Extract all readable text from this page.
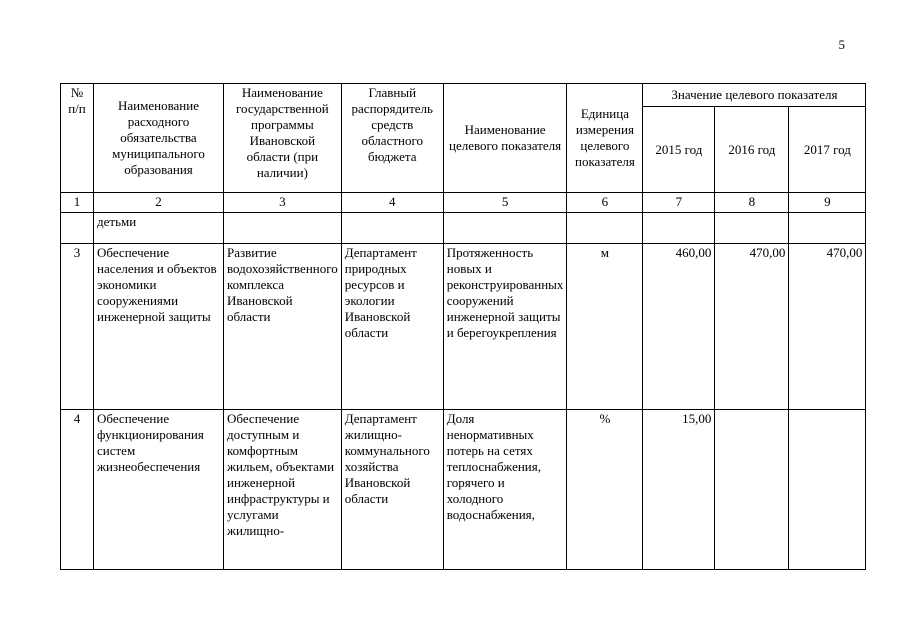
5
№ п/п	Наименование расходного обязательства муниципального образования	Наименование государственной программы Ивановской области (при наличии)	Главный распорядитель средств областного бюджета	Наименование целевого показателя	Единица измерения целевого показателя	Значение целевого показателя		
						2015 год	2016 год	2017 год
1	2	3	4	5	6	7	8	9
	детьми							
3	Обеспечение населения и объектов экономики сооружениями инженерной защиты	Развитие водохозяйственного комплекса Ивановской области	Департамент природных ресурсов и экологии Ивановской области	Протяженность новых и реконструированных сооружений инженерной защиты и берегоукрепления	м	460,00	470,00	470,00
4	Обеспечение функционирования систем жизнеобеспечения	Обеспечение доступным и комфортным жильем, объектами инженерной инфраструктуры и услугами жилищно-	Департамент жилищно-коммунального хозяйства Ивановской области	Доля ненормативных потерь на сетях теплоснабжения, горячего и холодного водоснабжения,	%	15,00		
